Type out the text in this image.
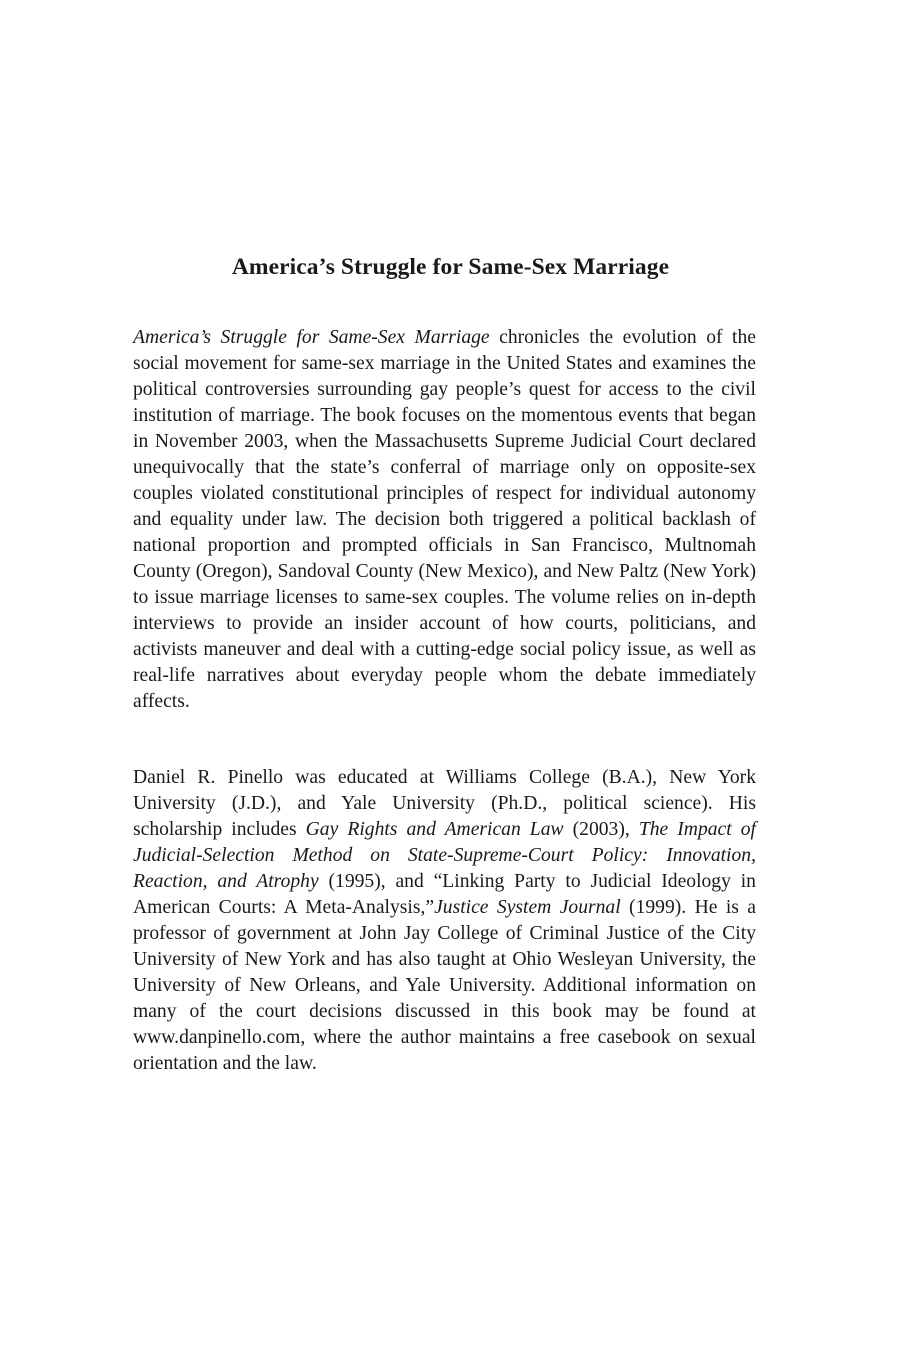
America’s Struggle for Same-Sex Marriage

America’s Struggle for Same-Sex Marriage chronicles the evolution of the social movement for same-sex marriage in the United States and examines the political controversies surrounding gay people’s quest for access to the civil institution of marriage. The book focuses on the momentous events that began in November 2003, when the Massachusetts Supreme Judicial Court declared unequivocally that the state’s conferral of marriage only on opposite-sex couples violated constitutional principles of respect for individual autonomy and equality under law. The decision both triggered a political backlash of national proportion and prompted officials in San Francisco, Multnomah County (Oregon), Sandoval County (New Mexico), and New Paltz (New York) to issue marriage licenses to same-sex couples. The volume relies on in-depth interviews to provide an insider account of how courts, politicians, and activists maneuver and deal with a cutting-edge social policy issue, as well as real-life narratives about everyday people whom the debate immediately affects.

Daniel R. Pinello was educated at Williams College (B.A.), New York University (J.D.), and Yale University (Ph.D., political science). His scholarship includes Gay Rights and American Law (2003), The Impact of Judicial-Selection Method on State-Supreme-Court Policy: Innovation, Reaction, and Atrophy (1995), and “Linking Party to Judicial Ideology in American Courts: A Meta-Analysis,”Justice System Journal (1999). He is a professor of government at John Jay College of Criminal Justice of the City University of New York and has also taught at Ohio Wesleyan University, the University of New Orleans, and Yale University. Additional information on many of the court decisions discussed in this book may be found at www.danpinello.com, where the author maintains a free casebook on sexual orientation and the law.
